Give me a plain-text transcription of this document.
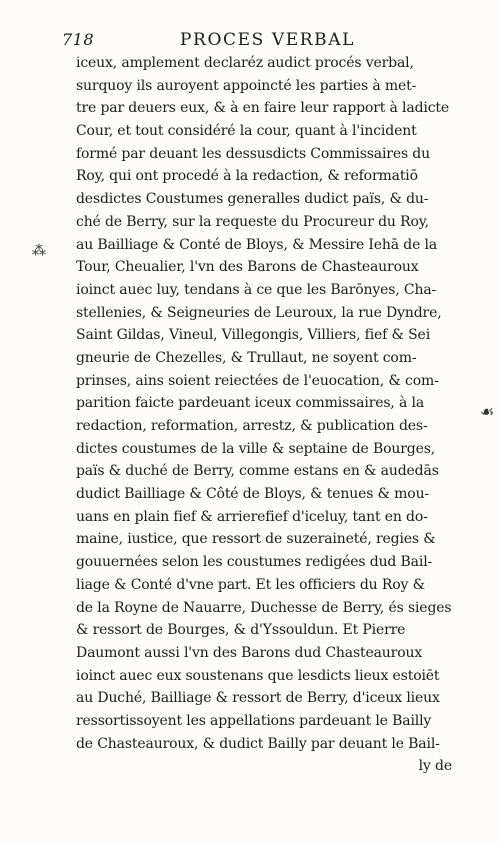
718	PROCES VERBAL
⁂
☙
iceux, amplement declaréz audict procés verbal,
surquoy ils auroyent appoincté les parties à met-
tre par deuers eux, & à en faire leur rapport à ladicte
Cour, et tout considéré la cour, quant à l'incident
formé par deuant les dessusdicts Commissaires du
Roy, qui ont procedé à la redaction, & reformatiō
desdictes Coustumes generalles dudict païs, & du-
ché de Berry, sur la requeste du Procureur du Roy,
au Bailliage & Conté de Bloys, & Messire Iehā de la
Tour, Cheualier, l'vn des Barons de Chasteauroux
ioinct auec luy, tendans à ce que les Barōnyes, Cha-
stellenies, & Seigneuries de Leuroux, la rue Dyndre,
Saint Gildas, Vineul, Villegongis, Villiers, fief & Sei
gneurie de Chezelles, & Trullaut, ne soyent com-
prinses, ains soient reiectées de l'euocation, & com-
parition faicte pardeuant iceux commissaires, à la
redaction, reformation, arrestz, & publication des-
dictes coustumes de la ville & septaine de Bourges,
païs & duché de Berry, comme estans en & audedās
dudict Bailliage & Côté de Bloys, & tenues & mou-
uans en plain fief & arrierefief d'iceluy, tant en do-
maine, iustice, que ressort de suzeraineté, regies &
gouuernées selon les coustumes redigées dud Bail-
liage & Conté d'vne part. Et les officiers du Roy &
de la Royne de Nauarre, Duchesse de Berry, és sieges
& ressort de Bourges, & d'Yssouldun. Et Pierre
Daumont aussi l'vn des Barons dud Chasteauroux
ioinct auec eux soustenans que lesdicts lieux estoiēt
au Duché, Bailliage & ressort de Berry, d'iceux lieux
ressortissoyent les appellations pardeuant le Bailly
de Chasteauroux, & dudict Bailly par deuant le Bail-
ly de
